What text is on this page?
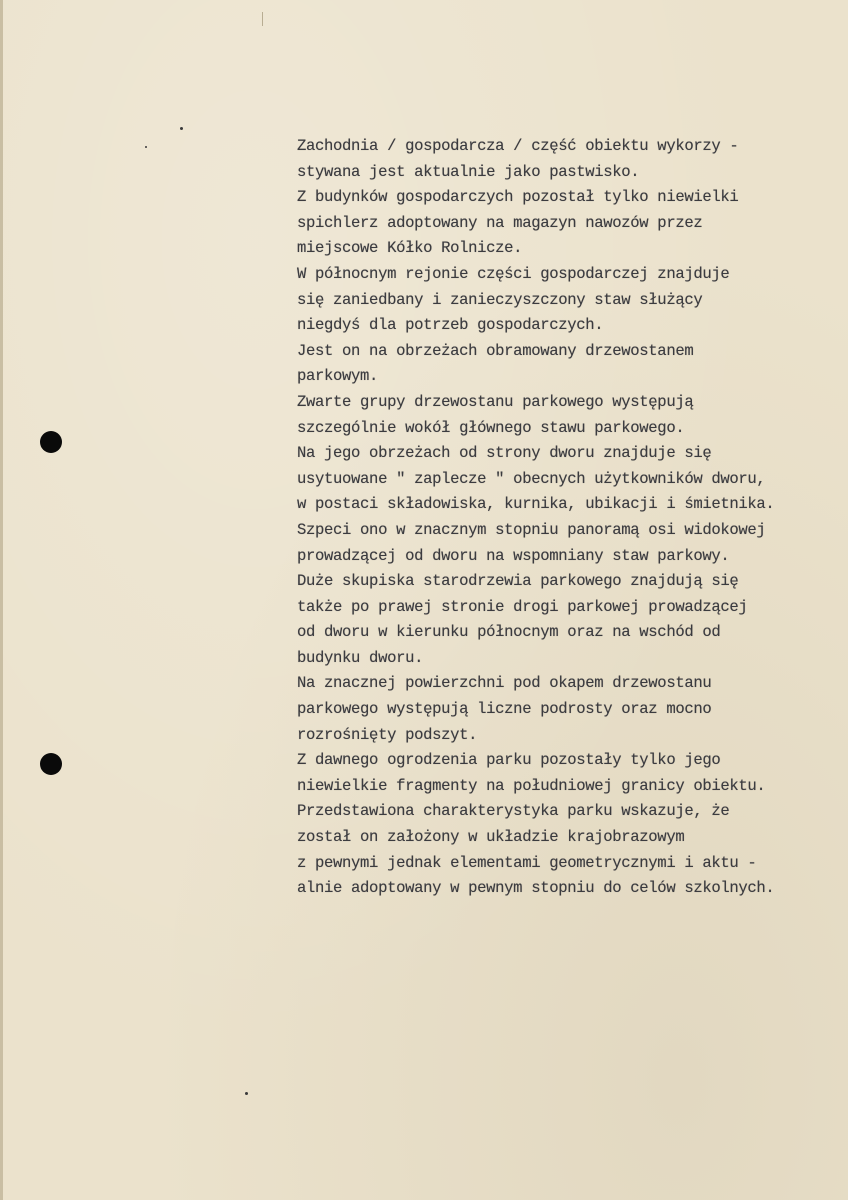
Zachodnia / gospodarcza / część obiektu wykorzy -
stywana jest aktualnie jako pastwisko.
Z budynków gospodarczych pozostał tylko niewielki
spichlerz adoptowany na magazyn nawozów przez
miejscowe Kółko Rolnicze.
W północnym rejonie części gospodarczej znajduje
się zaniedbany i zanieczyszczony staw służący
niegdyś dla potrzeb gospodarczych.
Jest on na obrzeżach obramowany drzewostanem
parkowym.
Zwarte grupy drzewostanu parkowego występują
szczególnie wokół głównego stawu parkowego.
Na jego obrzeżach od strony dworu znajduje się
usytuowane " zaplecze " obecnych użytkowników dworu,
w postaci składowiska, kurnika, ubikacji i śmietnika.
Szpeci ono w znacznym stopniu panoramą osi widokowej
prowadzącej od dworu na wspomniany staw parkowy.
Duże skupiska starodrzewia parkowego znajdują się
także po prawej stronie drogi parkowej prowadzącej
od dworu w kierunku północnym oraz na wschód od
budynku dworu.
Na znacznej powierzchni pod okapem drzewostanu
parkowego występują liczne podrosty oraz mocno
rozrośnięty podszyt.
Z dawnego ogrodzenia parku pozostały tylko jego
niewielkie fragmenty na południowej granicy obiektu.
Przedstawiona charakterystyka parku wskazuje, że
został on założony w układzie krajobrazowym
z pewnymi jednak elementami geometrycznymi i aktu -
alnie adoptowany w pewnym stopniu do celów szkolnych.
